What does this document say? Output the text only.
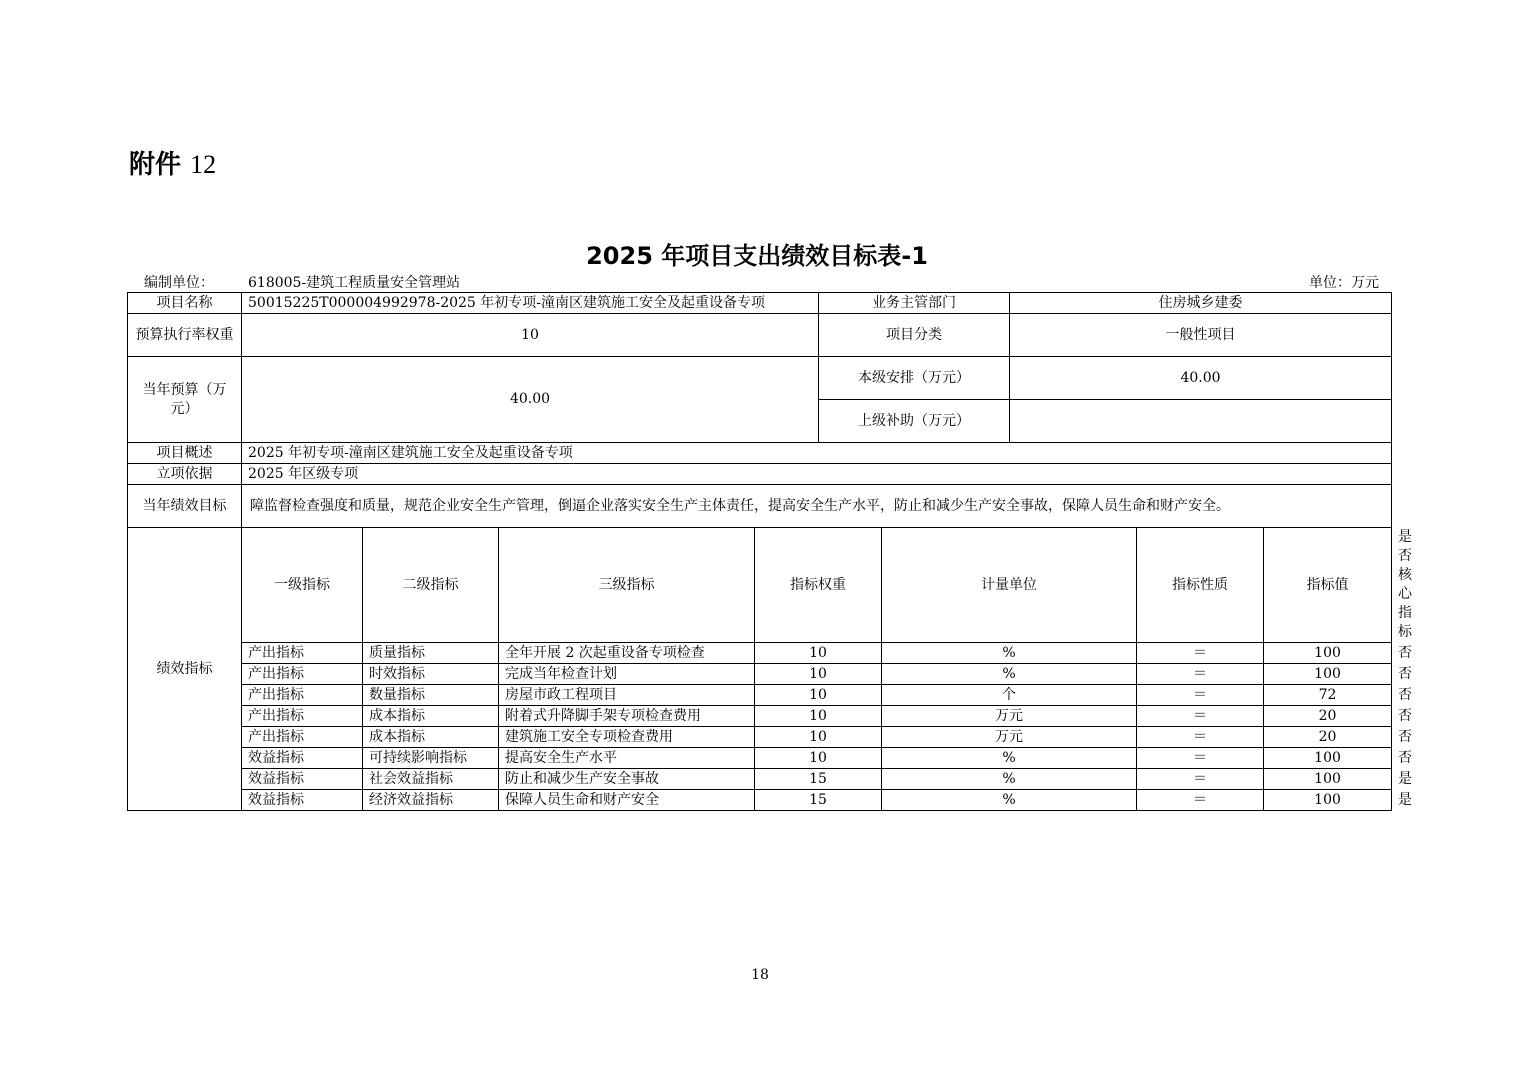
附件 12
2025 年项目支出绩效目标表-1
编制单位： 618005-建筑工程质量安全管理站	单位：万元
项目名称	50015225T000004992978-2025 年初专项-潼南区建筑施工安全及起重设备专项				业务主管部门		住房城乡建委			
预算执行率权重	10				项目分类		一般性项目			
当年预算（万元）	40.00				本级安排（万元）		40.00			
					上级补助（万元）					
项目概述	2025 年初专项-潼南区建筑施工安全及起重设备专项									
立项依据	2025 年区级专项									
当年绩效目标	障监督检查强度和质量，规范企业安全生产管理，倒逼企业落实安全生产主体责任，提高安全生产水平，防止和减少生产安全事故，保障人员生命和财产安全。									
绩效指标	一级指标	二级指标	三级指标	指标权重		计量单位		指标性质	指标值	是否核心指标
	产出指标	质量指标	全年开展 2 次起重设备专项检查	10		%		＝	100	否
	产出指标	时效指标	完成当年检查计划	10		%		＝	100	否
	产出指标	数量指标	房屋市政工程项目	10		个		＝	72	否
	产出指标	成本指标	附着式升降脚手架专项检查费用	10		万元		＝	20	否
	产出指标	成本指标	建筑施工安全专项检查费用	10		万元		＝	20	否
	效益指标	可持续影响指标	提高安全生产水平	10		%		＝	100	否
	效益指标	社会效益指标	防止和减少生产安全事故	15		%		＝	100	是
	效益指标	经济效益指标	保障人员生命和财产安全	15		%		＝	100	是
18
